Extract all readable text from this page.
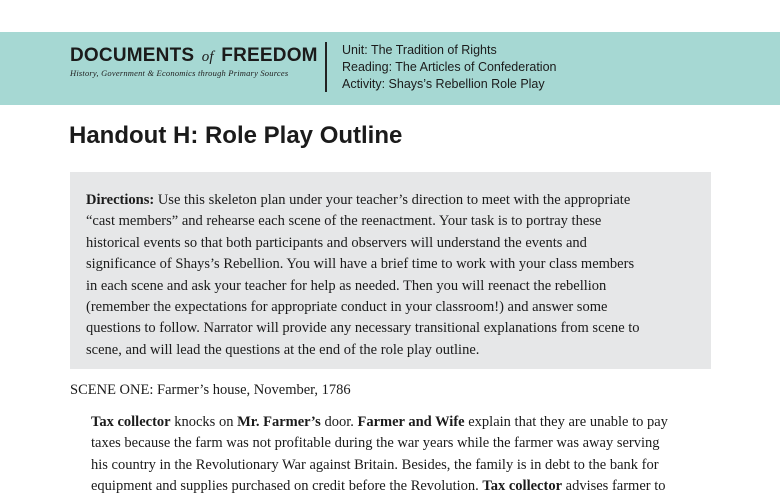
DOCUMENTS of FREEDOM
History, Government & Economics through Primary Sources
Unit: The Tradition of Rights
Reading: The Articles of Confederation
Activity: Shays’s Rebellion Role Play
Handout H: Role Play Outline
Directions: Use this skeleton plan under your teacher’s direction to meet with the appropriate
“cast members” and rehearse each scene of the reenactment. Your task is to portray these
historical events so that both participants and observers will understand the events and
significance of Shays’s Rebellion. You will have a brief time to work with your class members
in each scene and ask your teacher for help as needed. Then you will reenact the rebellion
(remember the expectations for appropriate conduct in your classroom!) and answer some
questions to follow. Narrator will provide any necessary transitional explanations from scene to
scene, and will lead the questions at the end of the role play outline.
SCENE ONE: Farmer’s house, November, 1786
Tax collector knocks on Mr. Farmer’s door. Farmer and Wife explain that they are unable to pay
taxes because the farm was not profitable during the war years while the farmer was away serving
his country in the Revolutionary War against Britain. Besides, the family is in debt to the bank for
equipment and supplies purchased on credit before the Revolution. Tax collector advises farmer to
